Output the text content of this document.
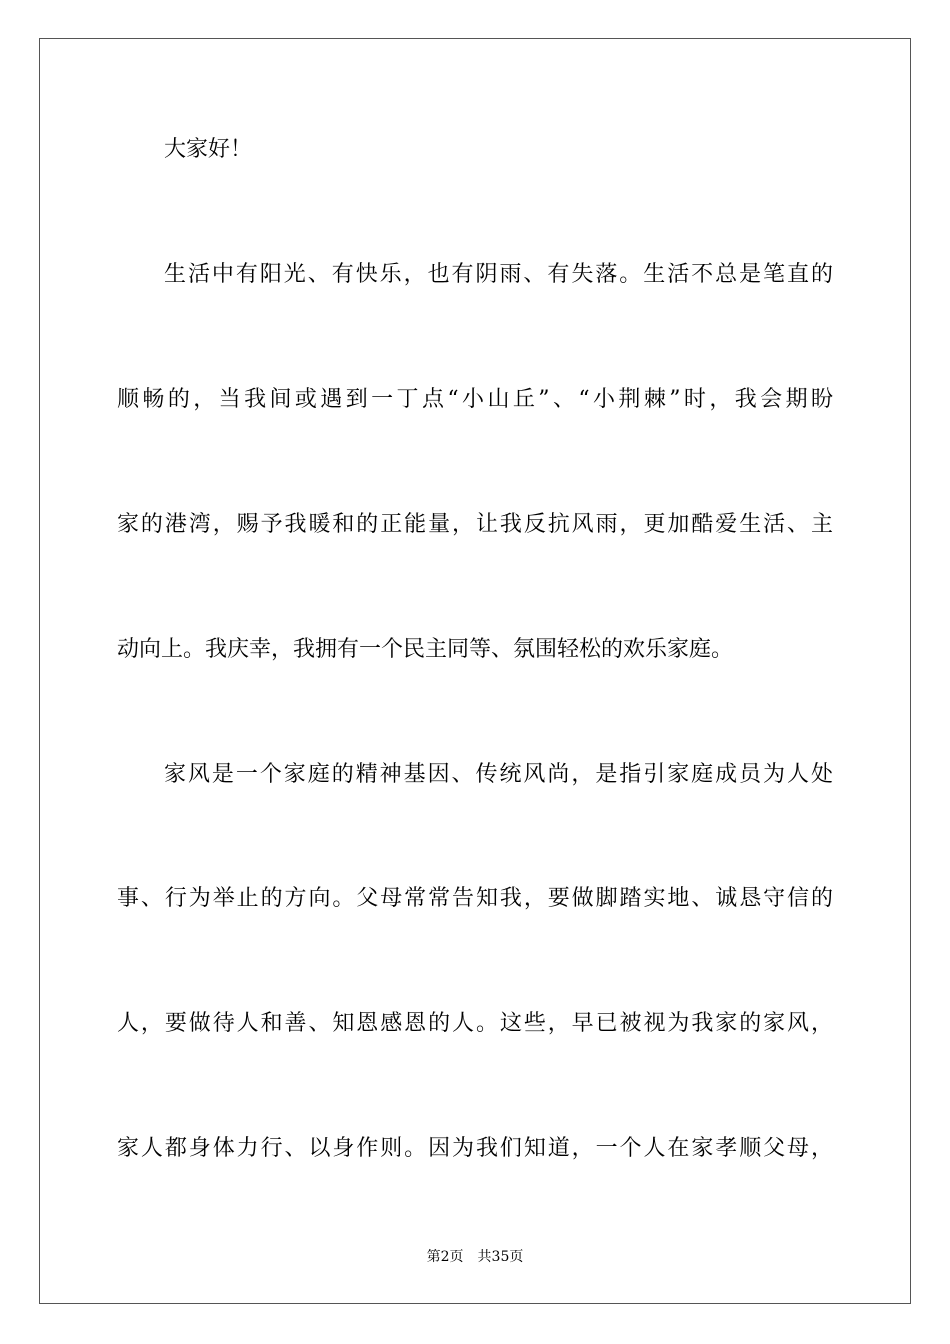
大家好！
生活中有阳光、有快乐，也有阴雨、有失落。生活不总是笔直的
顺畅的，当我间或遇到一丁点“小山丘”、“小荆棘”时，我会期盼
家的港湾，赐予我暖和的正能量，让我反抗风雨，更加酷爱生活、主
动向上。我庆幸，我拥有一个民主同等、氛围轻松的欢乐家庭。
家风是一个家庭的精神基因、传统风尚，是指引家庭成员为人处
事、行为举止的方向。父母常常告知我，要做脚踏实地、诚恳守信的
人，要做待人和善、知恩感恩的人。这些，早已被视为我家的家风，
家人都身体力行、以身作则。因为我们知道，一个人在家孝顺父母，
第2页 共35页
